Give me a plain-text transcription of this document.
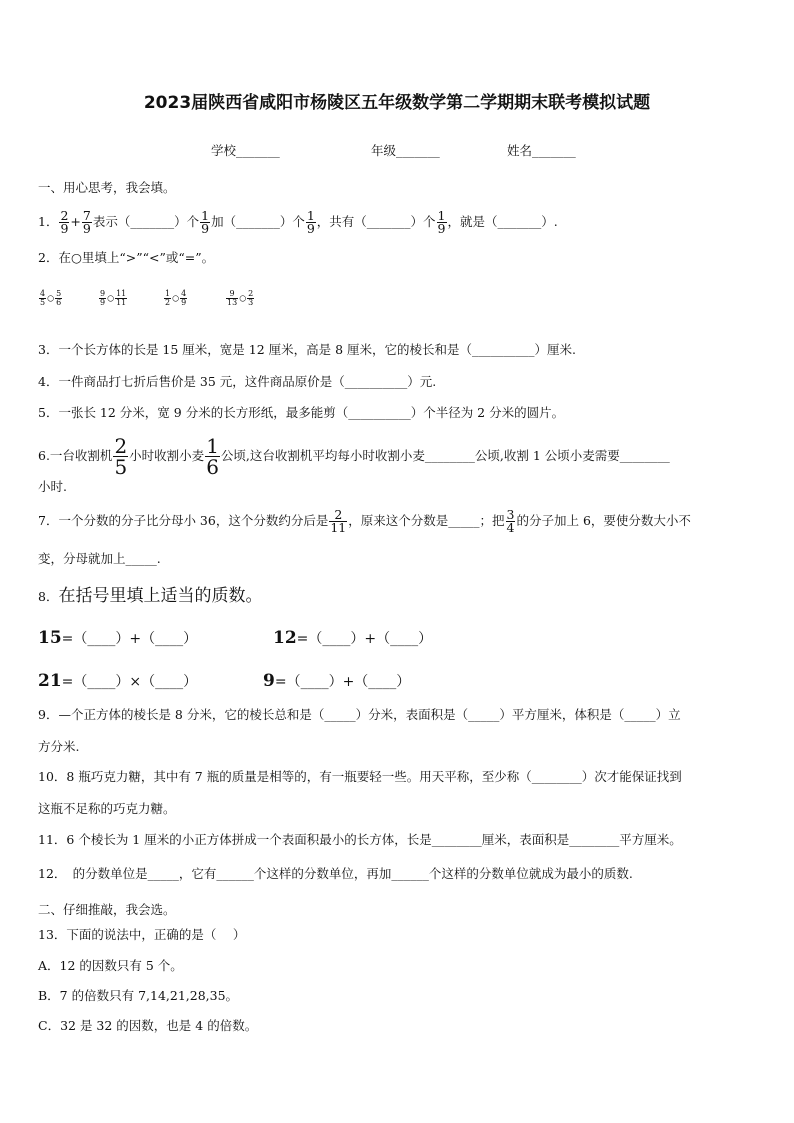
2023届陕西省咸阳市杨陵区五年级数学第二学期期末联考模拟试题
学校_______	年级_______	姓名_______
一、用心思考，我会填。
1． $\frac{2}{9} + \frac{7}{9}$ 表示（_______）个 $\frac{1}{9}$ 加（_______）个 $\frac{1}{9}$ ，共有（_______）个 $\frac{1}{9}$ ，就是（_______）.
2．在○里填上“>”“<”或“=”。
$\frac{4}{5}$ ○ $\frac{5}{6}$	$\frac{9}{9}$ ○ $\frac{11}{11}$	$\frac{1}{2}$ ○ $\frac{4}{9}$	$\frac{9}{13}$ ○ $\frac{2}{3}$
3．一个长方体的长是 15 厘米，宽是 12 厘米，高是 8 厘米，它的棱长和是（__________）厘米.
4．一件商品打七折后售价是 35 元，这件商品原价是（__________）元.
5．一张长 12 分米，宽 9 分米的长方形纸，最多能剪（__________）个半径为 2 分米的圆片。
6.一台收割机 $\frac{2}{5}$ 小时收割小麦 $\frac{1}{6}$ 公顷,这台收割机平均每小时收割小麦________公顷,收割 1 公顷小麦需要________
小时.
7．一个分数的分子比分母小 36，这个分数约分后是 $\frac{2}{11}$ ，原来这个分数是_____；把 $\frac{3}{4}$ 的分子加上 6，要使分数大小不
变，分母就加上_____.
8．在括号里填上适当的质数。
15=（____）+（____）	12=（____）+（____）
21=（____）×（____）	9=（____）+（____）
9．—个正方体的棱长是 8 分米，它的棱长总和是（_____）分米，表面积是（_____）平方厘米，体积是（_____）立
方分米.
10．8 瓶巧克力糖，其中有 7 瓶的质量是相等的，有一瓶要轻一些。用天平称，至少称（________）次才能保证找到
这瓶不足称的巧克力糖。
11．6 个棱长为 1 厘米的小正方体拼成一个表面积最小的长方体，长是________厘米，表面积是________平方厘米。
12．　的分数单位是_____，它有______个这样的分数单位，再加______个这样的分数单位就成为最小的质数.
二、仔细推敲，我会选。
13．下面的说法中，正确的是（　 ）
A．12 的因数只有 5 个。
B．7 的倍数只有 7,14,21,28,35。
C．32 是 32 的因数，也是 4 的倍数。
